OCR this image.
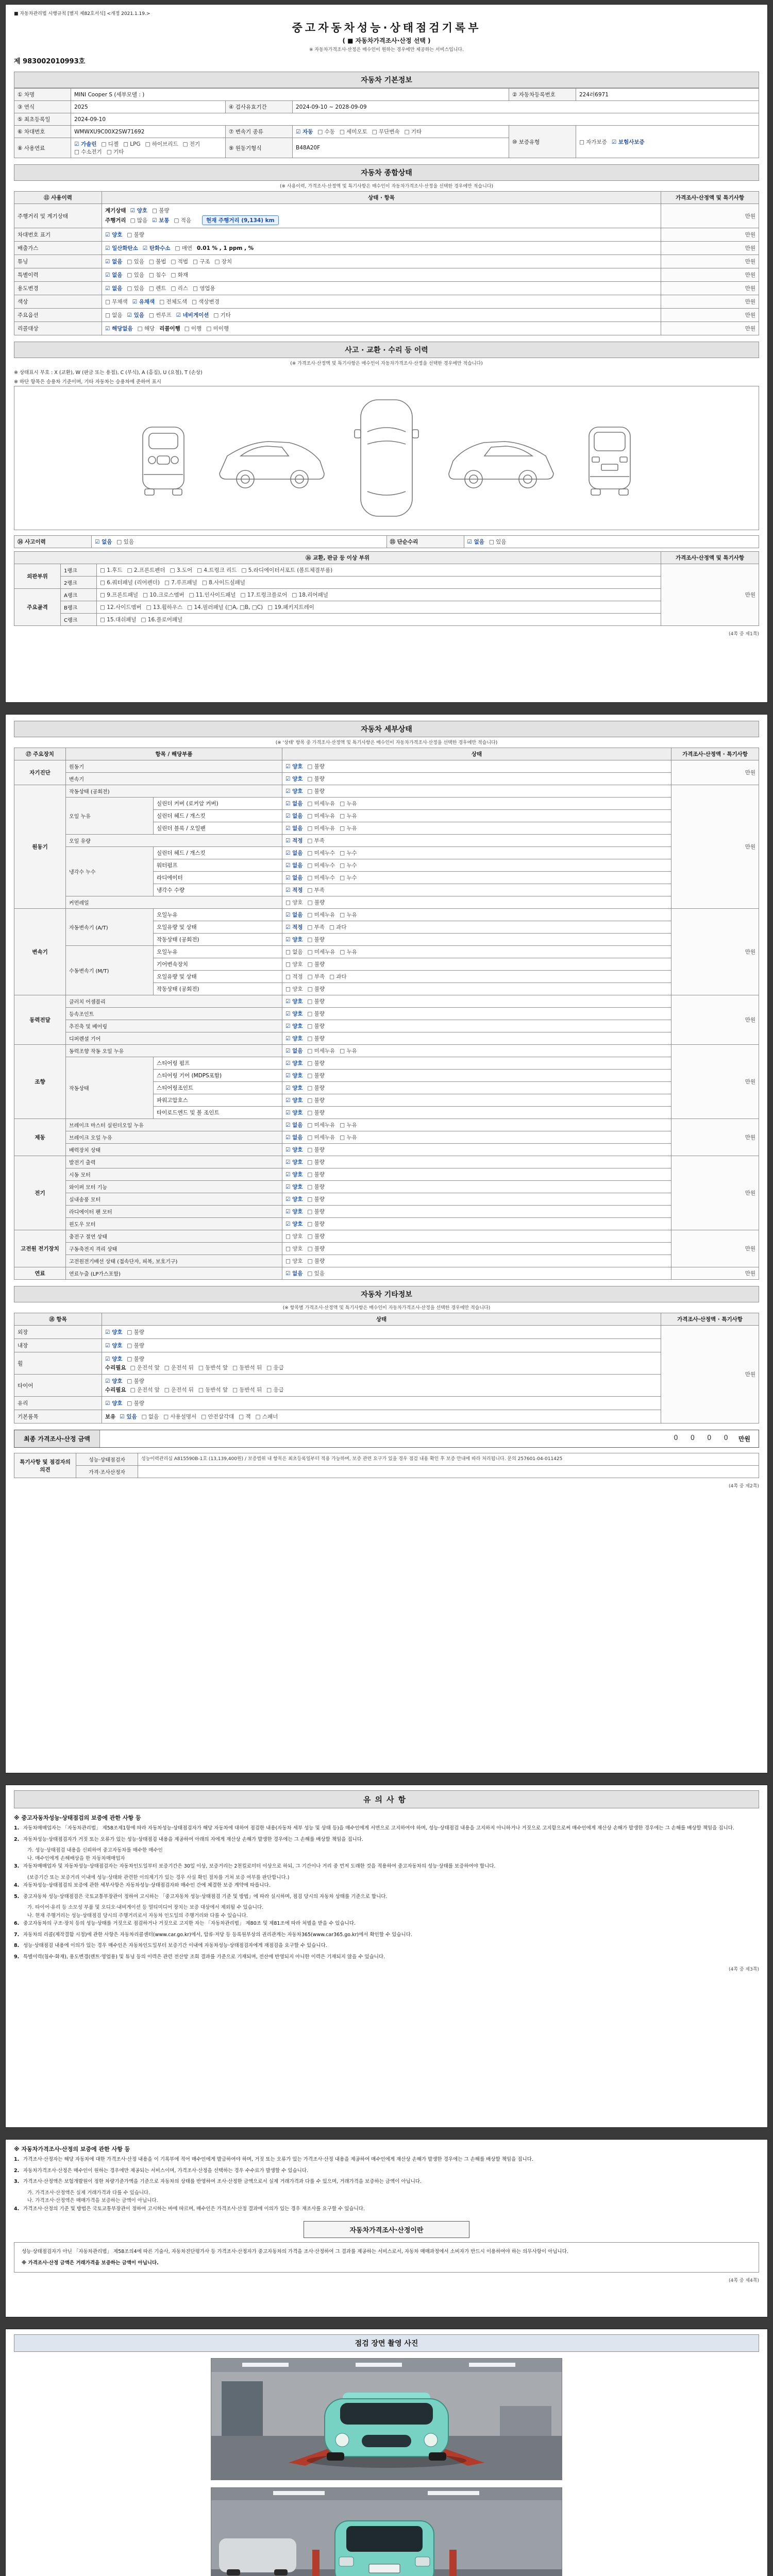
■ 자동차관리법 시행규칙 [별지 제82호서식] <개정 2021.1.19.>
중고자동차성능·상태점검기록부
( ■ 자동차가격조사·산정 선택 )
※ 자동차가격조사·산정은 매수인이 원하는 경우에만 제공하는 서비스입니다.
제 983002010993호
자동차 기본정보
① 차명	MINI Cooper S (세부모델 : )			② 자동차등록번호	224러6971
③ 연식	2025	④ 검사유효기간	2024-09-10 ~ 2028-09-09		
⑤ 최초등록일	2024-09-10				
⑥ 차대번호	WMWXU9C00X2SW71692	⑦ 변속기 종류	☑ 자동 □ 수동 □ 세미오토 □ 무단변속 □ 기타	⑩ 보증유형	□ 자가보증 ☑ 보험사보증
⑧ 사용연료	☑ 가솔린 □ 디젤 □ LPG □ 하이브리드 □ 전기□ 수소전기 □ 기타	⑨ 원동기형식	B48A20F		
자동차 종합상태
(※ 사용이력, 가격조사·산정액 및 특기사항은 매수인이 자동차가격조사·산정을 선택한 경우에만 적습니다)
⑪ 사용이력	상태 · 항목	가격조사·산정액 및 특기사항
주행거리 및 계기상태	계기상태 ☑ 양호 □ 불량
주행거리 □ 많음 ☑ 보통 □ 적음 현재 주행거리 (9,134) km	만원
차대번호 표기	☑ 양호 □ 불량	만원
배출가스	☑ 일산화탄소 ☑ 탄화수소 □ 매연 0.01 % , 1 ppm , %	만원
튜닝	☑ 없음 □ 있음 □ 불법 □ 적법 □ 구조 □ 장치	만원
특별이력	☑ 없음 □ 있음 □ 침수 □ 화재	만원
용도변경	☑ 없음 □ 있음 □ 렌트 □ 리스 □ 영업용	만원
색상	□ 무채색 ☑ 유채색 □ 전체도색 □ 색상변경	만원
주요옵션	□ 없음 ☑ 있음 □ 썬루프 ☑ 네비게이션 □ 기타	만원
리콜대상	☑ 해당없음 □ 해당 리콜이행 □ 이행 □ 미이행	만원
사고 · 교환 · 수리 등 이력
(※ 가격조사·산정액 및 특기사항은 매수인이 자동차가격조사·산정을 선택한 경우에만 적습니다)
※ 상태표시 부호 : X (교환), W (판금 또는 용접), C (부식), A (흠집), U (요철), T (손상)
※ 하단 항목은 승용차 기준이며, 기타 자동차는 승용차에 준하여 표시
⑭ 사고이력	☑ 없음 □ 있음	⑮ 단순수리	☑ 없음 □ 있음
⑯ 교환, 판금 등 이상 부위			가격조사·산정액 및 특기사항
외판부위	1랭크	□ 1.후드 □ 2.프론트펜더 □ 3.도어 □ 4.트렁크 리드 □ 5.라디에이터서포트 (볼트체결부품)	만원
	2랭크	□ 6.쿼터패널 (리어펜더) □ 7.루프패널 □ 8.사이드실패널	
주요골격	A랭크	□ 9.프론트패널 □ 10.크로스멤버 □ 11.인사이드패널 □ 17.트렁크플로어 □ 18.리어패널	
	B랭크	□ 12.사이드멤버 □ 13.휠하우스 □ 14.필러패널 (□A, □B, □C) □ 19.패키지트레이	
	C랭크	□ 15.대쉬패널 □ 16.플로어패널	
(4쪽 중 제1쪽)
자동차 세부상태
(※ '상태' 항목 중 가격조사·산정액 및 특기사항은 매수인이 자동차가격조사·산정을 선택한 경우에만 적습니다)
⑰ 주요장치	항목 / 해당부품		상태	가격조사·산정액 · 특기사항
자기진단	원동기		☑ 양호 □ 불량	만원
	변속기		☑ 양호 □ 불량	
원동기	작동상태 (공회전)		☑ 양호 □ 불량	만원
	오일 누유	실린더 커버 (로커암 커버)	☑ 없음 □ 미세누유 □ 누유	
		실린더 헤드 / 개스킷	☑ 없음 □ 미세누유 □ 누유	
		실린더 블록 / 오일팬	☑ 없음 □ 미세누유 □ 누유	
	오일 유량		☑ 적정 □ 부족	
	냉각수 누수	실린더 헤드 / 개스킷	☑ 없음 □ 미세누수 □ 누수	
		워터펌프	☑ 없음 □ 미세누수 □ 누수	
		라디에이터	☑ 없음 □ 미세누수 □ 누수	
		냉각수 수량	☑ 적정 □ 부족	
	커먼레일		□ 양호 □ 불량	
변속기	자동변속기 (A/T)	오일누유	☑ 없음 □ 미세누유 □ 누유	만원
		오일유량 및 상태	☑ 적정 □ 부족 □ 과다	
		작동상태 (공회전)	☑ 양호 □ 불량	
	수동변속기 (M/T)	오일누유	□ 없음 □ 미세누유 □ 누유	
		기어변속장치	□ 양호 □ 불량	
		오일유량 및 상태	□ 적정 □ 부족 □ 과다	
		작동상태 (공회전)	□ 양호 □ 불량	
동력전달	클러치 어셈블리		☑ 양호 □ 불량	만원
	등속조인트		☑ 양호 □ 불량	
	추진축 및 베어링		☑ 양호 □ 불량	
	디퍼렌셜 기어		☑ 양호 □ 불량	
조향	동력조향 작동 오일 누유		☑ 없음 □ 미세누유 □ 누유	만원
	작동상태	스티어링 펌프	☑ 양호 □ 불량	
		스티어링 기어 (MDPS포함)	☑ 양호 □ 불량	
		스티어링조인트	☑ 양호 □ 불량	
		파워고압호스	☑ 양호 □ 불량	
		타이로드엔드 및 볼 조인트	☑ 양호 □ 불량	
제동	브레이크 마스터 실린더오일 누유		☑ 없음 □ 미세누유 □ 누유	만원
	브레이크 오일 누유		☑ 없음 □ 미세누유 □ 누유	
	배력장치 상태		☑ 양호 □ 불량	
전기	발전기 출력		☑ 양호 □ 불량	만원
	시동 모터		☑ 양호 □ 불량	
	와이퍼 모터 기능		☑ 양호 □ 불량	
	실내송풍 모터		☑ 양호 □ 불량	
	라디에이터 팬 모터		☑ 양호 □ 불량	
	윈도우 모터		☑ 양호 □ 불량	
고전원 전기장치	충전구 절연 상태		□ 양호 □ 불량	만원
	구동축전지 격리 상태		□ 양호 □ 불량	
	고전원전기배선 상태 (접속단자, 피복, 보호기구)		□ 양호 □ 불량	
연료	연료누출 (LP가스포함)		☑ 없음 □ 있음	만원
자동차 기타정보
(※ 항목별 가격조사·산정액 및 특기사항은 매수인이 자동차가격조사·산정을 선택한 경우에만 적습니다)
⑱ 항목	상태	가격조사·산정액 · 특기사항
외장	☑ 양호 □ 불량	만원
내장	☑ 양호 □ 불량	

휠	☑ 양호 □ 불량
수리필요 □ 운전석 앞 □ 운전석 뒤 □ 동반석 앞 □ 동반석 뒤 □ 응급	

타이어	☑ 양호 □ 불량
수리필요 □ 운전석 앞 □ 운전석 뒤 □ 동반석 앞 □ 동반석 뒤 □ 응급	

유리	☑ 양호 □ 불량	

기본품목	보유 ☑ 있음 □ 없음 □ 사용설명서 □ 안전삼각대 □ 잭 □ 스패너	
최종 가격조사·산정 금액	0 0 0 0 만원
특기사항 및 점검자의 의견	성능·상태점검자	성능이력관리심 A815590B-1호 (13,139,400원) / 보증범위 내 항목은 최초등록일부터 적용 가능하며, 보증 관련 요구가 있을 경우 점검 내용 확인 후 보증 안내에 따라 처리됩니다. 문의 257601-04-011425
	가격·조사산정자	
(4쪽 중 제2쪽)
유의사항
※ 중고자동차성능·상태점검의 보증에 관한 사항 등
1. 자동차매매업자는 「자동차관리법」 제58조제1항에 따라 자동차성능·상태점검자가 해당 자동차에 대하여 점검한 내용(자동차 세부 성능 및 상태 등)을 매수인에게 서면으로 고지하여야 하며, 성능·상태점검 내용을 고지하지 아니하거나 거짓으로 고지함으로써 매수인에게 재산상 손해가 발생한 경우에는 그 손해를 배상할 책임을 집니다.
2. 자동차성능·상태점검자가 거짓 또는 오류가 있는 성능·상태점검 내용을 제공하여 아래의 자에게 재산상 손해가 발생한 경우에는 그 손해를 배상할 책임을 집니다.
가. 성능·상태점검 내용을 신뢰하여 중고자동차를 매수한 매수인
나. 매수인에게 손해배상을 한 자동차매매업자
3. 자동차매매업자 및 자동차성능·상태점검자는 자동차인도일부터 보증기간은 30일 이상, 보증거리는 2천킬로미터 이상으로 하되, 그 기간이나 거리 중 먼저 도래한 것을 적용하여 중고자동차의 성능·상태를 보증하여야 합니다.
(보증기간 또는 보증거리 이내에 성능·상태와 관련한 이의제기가 있는 경우 사실 확인 절차를 거쳐 보증 여부를 판단합니다.)
4. 자동차성능·상태점검의 보증에 관한 세부사항은 자동차성능·상태점검자와 매수인 간에 체결한 보증 계약에 따릅니다.
5. 중고자동차 성능·상태점검은 국토교통부장관이 정하여 고시하는 「중고자동차 성능·상태점검 기준 및 방법」에 따라 실시하며, 점검 당시의 자동차 상태를 기준으로 합니다.
가. 타이어·유리 등 소모성 부품 및 오디오·내비게이션 등 멀티미디어 장치는 보증 대상에서 제외될 수 있습니다.
나. 현재 주행거리는 성능·상태점검 당시의 주행거리로서 자동차 인도일의 주행거리와 다를 수 있습니다.
6. 중고자동차의 구조·장치 등의 성능·상태를 거짓으로 점검하거나 거짓으로 고지한 자는 「자동차관리법」 제80조 및 제81조에 따라 처벌을 받을 수 있습니다.
7. 자동차의 리콜(제작결함 시정)에 관한 사항은 자동차리콜센터(www.car.go.kr)에서, 압류·저당 등 등록원부상의 권리관계는 자동차365(www.car365.go.kr)에서 확인할 수 있습니다.
8. 성능·상태점검 내용에 이의가 있는 경우 매수인은 자동차인도일부터 보증기간 이내에 자동차성능·상태점검자에게 재점검을 요구할 수 있습니다.
9. 특별이력(침수·화재), 용도변경(렌트·영업용) 및 튜닝 등의 이력은 관련 전산망 조회 결과를 기준으로 기재되며, 전산에 반영되지 아니한 이력은 기재되지 않을 수 있습니다.
(4쪽 중 제3쪽)
※ 자동차가격조사·산정의 보증에 관한 사항 등
1. 가격조사·산정자는 해당 자동차에 대한 가격조사·산정 내용을 이 기록부에 적어 매수인에게 발급하여야 하며, 거짓 또는 오류가 있는 가격조사·산정 내용을 제공하여 매수인에게 재산상 손해가 발생한 경우에는 그 손해를 배상할 책임을 집니다.
2. 자동차가격조사·산정은 매수인이 원하는 경우에만 제공되는 서비스이며, 가격조사·산정을 선택하는 경우 수수료가 발생할 수 있습니다.
3. 가격조사·산정액은 보험개발원이 정한 차량기준가액을 기준으로 자동차의 상태를 반영하여 조사·산정한 금액으로서 실제 거래가격과 다를 수 있으며, 거래가격을 보증하는 금액이 아닙니다.
가. 가격조사·산정액은 실제 거래가격과 다를 수 있습니다.
나. 가격조사·산정액은 매매가격을 보증하는 금액이 아닙니다.
4. 가격조사·산정의 기준 및 방법은 국토교통부장관이 정하여 고시하는 바에 따르며, 매수인은 가격조사·산정 결과에 이의가 있는 경우 재조사를 요구할 수 있습니다.
자동차가격조사·산정이란
성능·상태점검자가 아닌 「자동차관리법」 제58조의4에 따른 기술사, 자동차진단평가사 등 가격조사·산정자가 중고자동차의 가격을 조사·산정하여 그 결과를 제공하는 서비스로서, 자동차 매매과정에서 소비자가 반드시 이용하여야 하는 의무사항이 아닙니다.
※ 가격조사·산정 금액은 거래가격을 보증하는 금액이 아닙니다.
(4쪽 중 제4쪽)
점검 장면 촬영 사진
